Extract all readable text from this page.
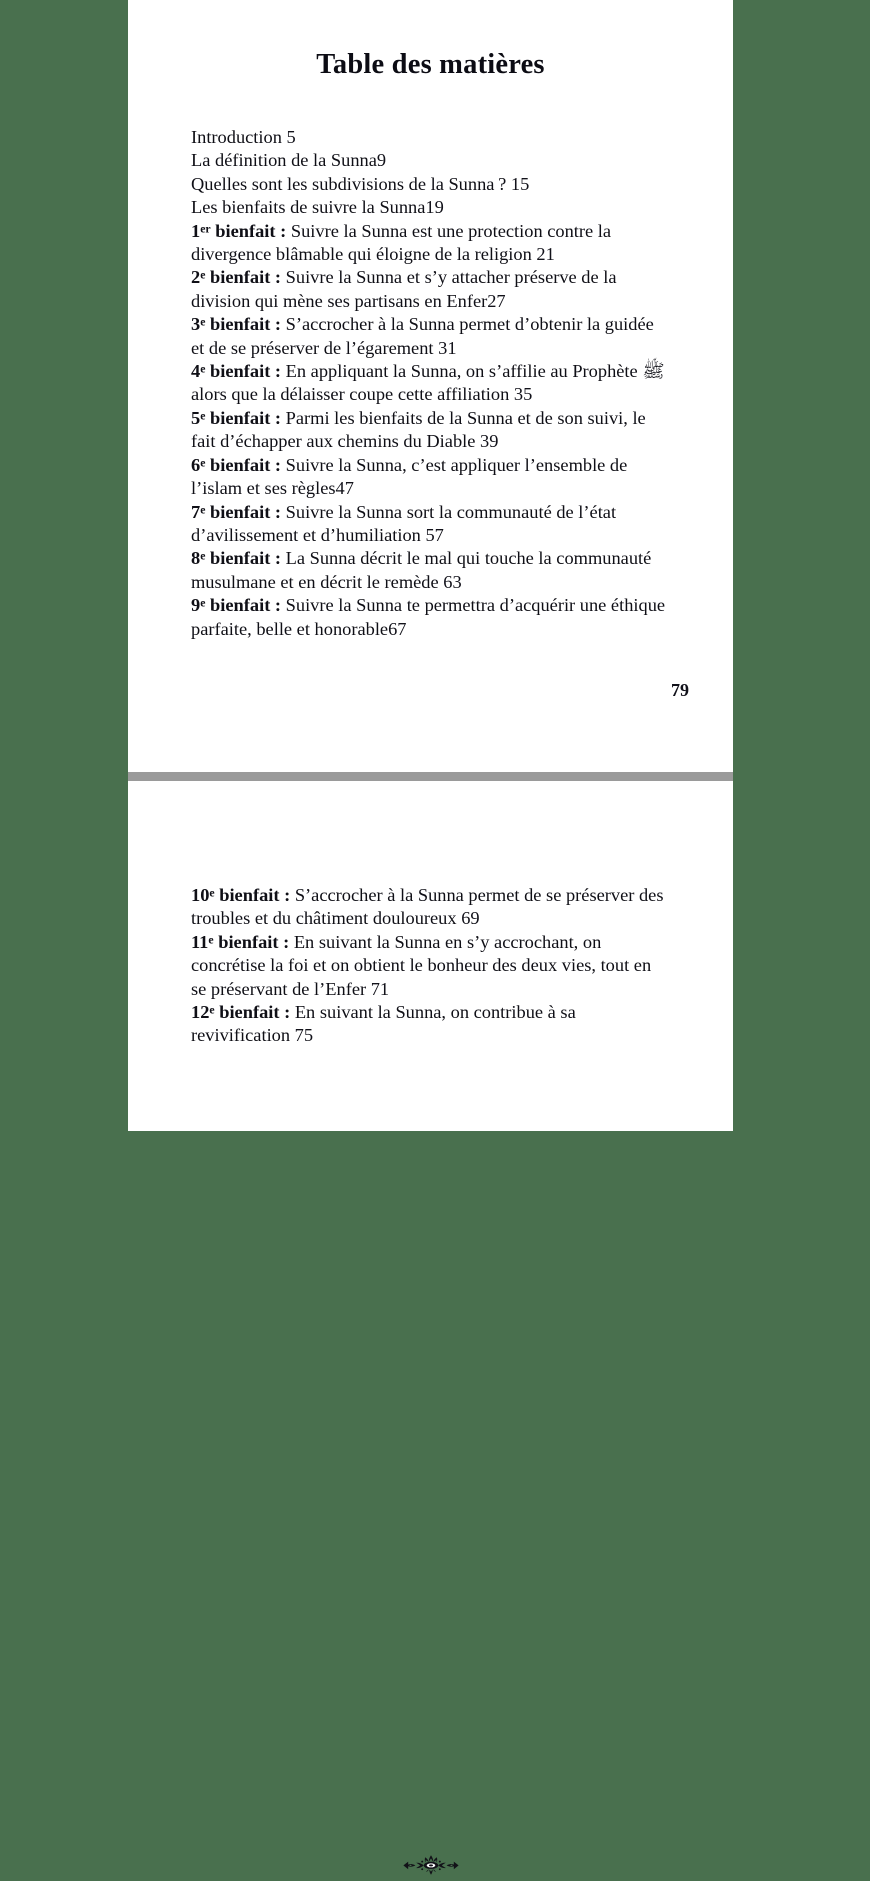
Table des matières
Introduction 5
La définition de la Sunna9
Quelles sont les subdivisions de la Sunna ? 15
Les bienfaits de suivre la Sunna19
1er bienfait : Suivre la Sunna est une protection contre la divergence blâmable qui éloigne de la religion 21
2e bienfait : Suivre la Sunna et s’y attacher préserve de la division qui mène ses partisans en Enfer27
3e bienfait : S’accrocher à la Sunna permet d’obtenir la guidée et de se préserver de l’égarement 31
4e bienfait : En appliquant la Sunna, on s’affilie au Prophète ﷺ alors que la délaisser coupe cette affiliation 35
5e bienfait : Parmi les bienfaits de la Sunna et de son suivi, le fait d’échapper aux chemins du Diable 39
6e bienfait : Suivre la Sunna, c’est appliquer l’ensemble de l’islam et ses règles47
7e bienfait : Suivre la Sunna sort la communauté de l’état d’avilissement et d’humiliation 57
8e bienfait : La Sunna décrit le mal qui touche la communauté musulmane et en décrit le remède 63
9e bienfait : Suivre la Sunna te permettra d’acquérir une éthique parfaite, belle et honorable67
79
10e bienfait : S’accrocher à la Sunna permet de se préserver des troubles et du châtiment douloureux 69
11e bienfait : En suivant la Sunna en s’y accrochant, on concrétise la foi et on obtient le bonheur des deux vies, tout en se préservant de l’Enfer 71
12e bienfait : En suivant la Sunna, on contribue à sa revivification 75
